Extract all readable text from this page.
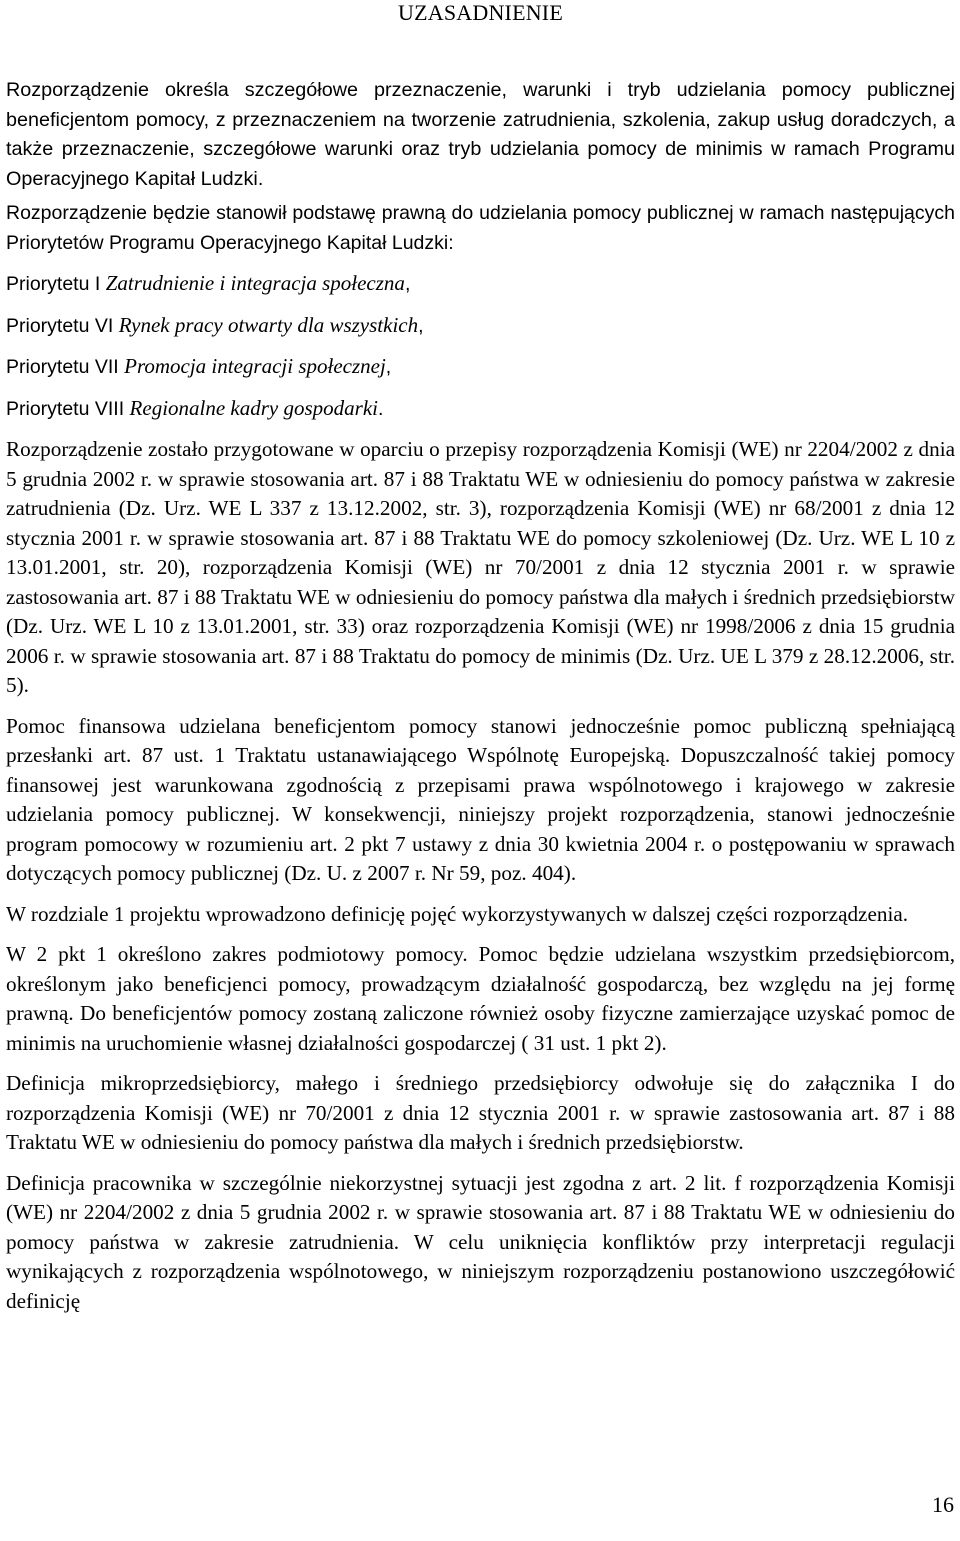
UZASADNIENIE

Rozporządzenie określa szczegółowe przeznaczenie, warunki i tryb udzielania pomocy publicznej beneficjentom pomocy, z przeznaczeniem na tworzenie zatrudnienia, szkolenia, zakup usług doradczych, a także przeznaczenie, szczegółowe warunki oraz tryb udzielania pomocy de minimis w ramach Programu Operacyjnego Kapitał Ludzki.

Rozporządzenie będzie stanowił podstawę prawną do udzielania pomocy publicznej w ramach następujących Priorytetów Programu Operacyjnego Kapitał Ludzki:

Priorytetu I Zatrudnienie i integracja społeczna,

Priorytetu VI Rynek pracy otwarty dla wszystkich,

Priorytetu VII Promocja integracji społecznej,

Priorytetu VIII Regionalne kadry gospodarki.

Rozporządzenie zostało przygotowane w oparciu o przepisy rozporządzenia Komisji (WE) nr 2204/2002 z dnia 5 grudnia 2002 r. w sprawie stosowania art. 87 i 88 Traktatu WE w odniesieniu do pomocy państwa w zakresie zatrudnienia (Dz. Urz. WE L 337 z 13.12.2002, str. 3), rozporządzenia Komisji (WE) nr 68/2001 z dnia 12 stycznia 2001 r. w sprawie stosowania art. 87 i 88 Traktatu WE do pomocy szkoleniowej (Dz. Urz. WE L 10 z 13.01.2001, str. 20), rozporządzenia Komisji (WE) nr 70/2001 z dnia 12 stycznia 2001 r. w sprawie zastosowania art. 87 i 88 Traktatu WE w odniesieniu do pomocy państwa dla małych i średnich przedsiębiorstw (Dz. Urz. WE L 10 z 13.01.2001, str. 33) oraz rozporządzenia Komisji (WE) nr 1998/2006 z dnia 15 grudnia 2006 r. w sprawie stosowania art. 87 i 88 Traktatu do pomocy de minimis (Dz. Urz. UE L 379 z 28.12.2006, str. 5).

Pomoc finansowa udzielana beneficjentom pomocy stanowi jednocześnie pomoc publiczną spełniającą przesłanki art. 87 ust. 1 Traktatu ustanawiającego Wspólnotę Europejską. Dopuszczalność takiej pomocy finansowej jest warunkowana zgodnością z przepisami prawa wspólnotowego i krajowego w zakresie udzielania pomocy publicznej. W konsekwencji, niniejszy projekt rozporządzenia, stanowi jednocześnie program pomocowy w rozumieniu art. 2 pkt 7 ustawy z dnia 30 kwietnia 2004 r. o postępowaniu w sprawach dotyczących pomocy publicznej (Dz. U. z 2007 r. Nr 59, poz. 404).

W rozdziale 1 projektu wprowadzono definicję pojęć wykorzystywanych w dalszej części rozporządzenia.

W 2 pkt 1 określono zakres podmiotowy pomocy. Pomoc będzie udzielana wszystkim przedsiębiorcom, określonym jako beneficjenci pomocy, prowadzącym działalność gospodarczą, bez względu na jej formę prawną. Do beneficjentów pomocy zostaną zaliczone również osoby fizyczne zamierzające uzyskać pomoc de minimis na uruchomienie własnej działalności gospodarczej ( 31 ust. 1 pkt 2).

Definicja mikroprzedsiębiorcy, małego i średniego przedsiębiorcy odwołuje się do załącznika I do rozporządzenia Komisji (WE) nr 70/2001 z dnia 12 stycznia 2001 r. w sprawie zastosowania art. 87 i 88 Traktatu WE w odniesieniu do pomocy państwa dla małych i średnich przedsiębiorstw.

Definicja pracownika w szczególnie niekorzystnej sytuacji jest zgodna z art. 2 lit. f rozporządzenia Komisji (WE) nr 2204/2002 z dnia 5 grudnia 2002 r. w sprawie stosowania art. 87 i 88 Traktatu WE w odniesieniu do pomocy państwa w zakresie zatrudnienia. W celu uniknięcia konfliktów przy interpretacji regulacji wynikających z rozporządzenia wspólnotowego, w niniejszym rozporządzeniu postanowiono uszczegółowić definicję

16
